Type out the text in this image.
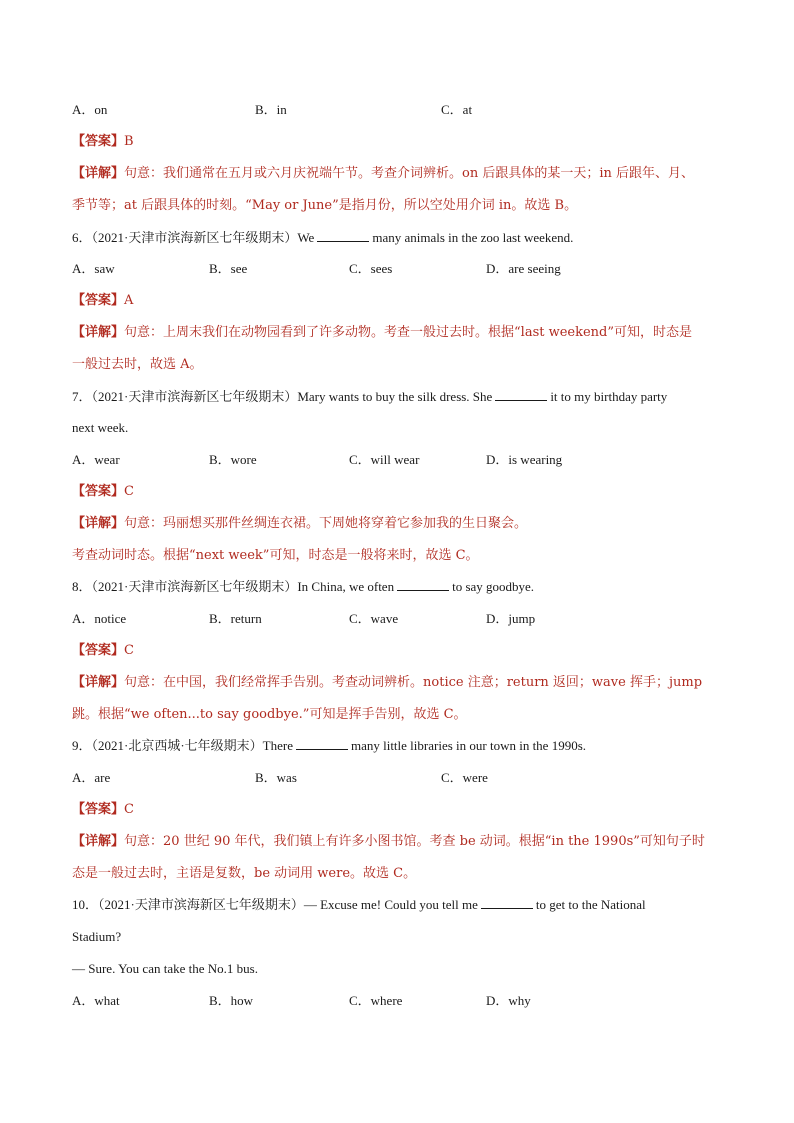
A．on	B．in	C．at
【答案】B
【详解】句意：我们通常在五月或六月庆祝端午节。考查介词辨析。on 后跟具体的某一天；in 后跟年、月、
季节等；at 后跟具体的时刻。“May or June”是指月份，所以空处用介词 in。故选 B。
6．（2021·天津市滨海新区七年级期末）We	many animals in the zoo last weekend.
A．saw	B．see	C．sees	D．are seeing
【答案】A
【详解】句意：上周末我们在动物园看到了许多动物。考查一般过去时。根据“last weekend”可知，时态是
一般过去时，故选 A。
7．（2021·天津市滨海新区七年级期末）Mary wants to buy the silk dress. She	it to my birthday party
next week.
A．wear	B．wore	C．will wear	D．is wearing
【答案】C
【详解】句意：玛丽想买那件丝绸连衣裙。下周她将穿着它参加我的生日聚会。
考查动词时态。根据“next week”可知，时态是一般将来时，故选 C。
8．（2021·天津市滨海新区七年级期末）In China, we often	to say goodbye.
A．notice	B．return	C．wave	D．jump
【答案】C
【详解】句意：在中国，我们经常挥手告别。考查动词辨析。notice 注意；return 返回；wave 挥手；jump
跳。根据“we often...to say goodbye.”可知是挥手告别，故选 C。
9．（2021·北京西城·七年级期末）There	many little libraries in our town in the 1990s.
A．are	B．was	C．were
【答案】C
【详解】句意：20 世纪 90 年代，我们镇上有许多小图书馆。考查 be 动词。根据“in the 1990s”可知句子时
态是一般过去时，主语是复数，be 动词用 were。故选 C。
10．（2021·天津市滨海新区七年级期末）— Excuse me! Could you tell me	to get to the National
Stadium?
— Sure. You can take the No.1 bus.
A．what	B．how	C．where	D．why
